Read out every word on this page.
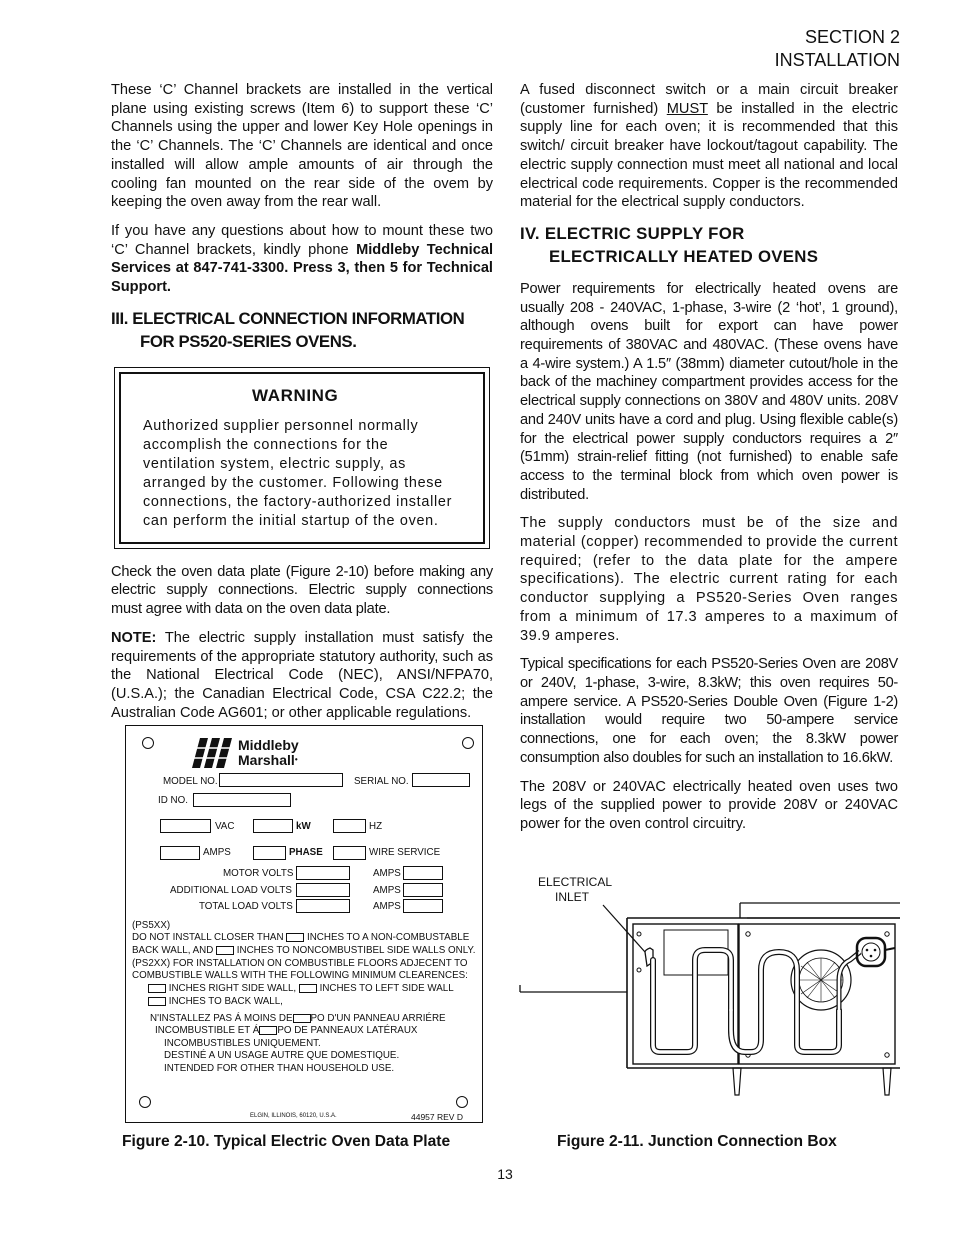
SECTION 2
INSTALLATION

These ‘C’ Channel brackets are installed in the vertical plane using existing screws (Item 6) to support these ‘C’ Channels using the upper and lower Key Hole openings in the ‘C’ Channels. The ‘C’ Channels are identical and once installed will allow ample amounts of air through the cooling fan mounted on the rear side of the ovem by keeping the oven away from the rear wall.

If you have any questions about how to mount these two ‘C’ Channel brackets, kindly phone Middleby Technical Services at 847-741-3300. Press 3, then 5 for Technical Support.

III. ELECTRICAL CONNECTION INFORMATION
FOR PS520-SERIES OVENS.
WARNING

Authorized supplier personnel normally accomplish the connections for the ventilation system, electric supply, as arranged by the customer. Following these connections, the factory-authorized installer can perform the initial startup of the oven.

Check the oven data plate (Figure 2-10) before making any electric supply connections. Electric supply connections must agree with data on the oven data plate.

NOTE: The electric supply installation must satisfy the requirements of the appropriate statutory authority, such as the National Electrical Code (NEC), ANSI/NFPA70, (U.S.A.); the Canadian Electrical Code, CSA C22.2; the Australian Code AG601; or other applicable regulations.

A fused disconnect switch or a main circuit breaker (customer furnished) MUST be installed in the electric supply line for each oven; it is recommended that this switch/ circuit breaker have lockout/tagout capability. The electric supply connection must meet all national and local electrical code requirements. Copper is the recommended material for the electrical supply conductors.

IV. ELECTRIC SUPPLY FOR
ELECTRICALLY HEATED OVENS

Power requirements for electrically heated ovens are usually 208 - 240VAC, 1-phase, 3-wire (2 ‘hot’, 1 ground), although ovens built for export can have power requirements of 380VAC and 480VAC. (These ovens have a 4-wire system.) A 1.5″ (38mm) diameter cutout/hole in the back of the machiney compartment provides access for the electrical supply connections on 380V and 480V units. 208V and 240V units have a cord and plug. Using flexible cable(s) for the electrical power supply conductors requires a 2″ (51mm) strain-relief fitting (not furnished) to enable safe access to the terminal block from which oven power is distributed.

The supply conductors must be of the size and material (copper) recommended to provide the current required; (refer to the data plate for the ampere specifications). The electric current rating for each conductor supplying a PS520-Series Oven ranges from a minimum of 17.3 amperes to a maximum of 39.9 amperes.

Typical specifications for each PS520-Series Oven are 208V or 240V, 1-phase, 3-wire, 8.3kW; this oven requires 50-ampere service. A PS520-Series Double Oven (Figure 1-2) installation would require two 50-ampere service connections, one for each oven; the 8.3kW power consumption also doubles for such an installation to 16.6kW.

The 208V or 240VAC electrically heated oven uses two legs of the supplied power to provide 208V or 240VAC power for the oven control circuitry.

Middleby
Marshall•
MODEL NO.	SERIAL NO.
ID NO.
VAC	kW	HZ
AMPS	PHASE	WIRE SERVICE
MOTOR VOLTS	AMPS
ADDITIONAL LOAD VOLTS	AMPS
TOTAL LOAD VOLTS	AMPS
(PS5XX)
DO NOT INSTALL CLOSER THAN INCHES TO A NON-COMBUSTABLE
BACK WALL, AND INCHES TO NONCOMBUSTIBEL SIDE WALLS ONLY.
(PS2XX) FOR INSTALLATION ON COMBUSTIBLE FLOORS ADJECENT TO
COMBUSTIBLE WALLS WITH THE FOLLOWING MINIMUM CLEARENCES:
INCHES RIGHT SIDE WALL, INCHES TO LEFT SIDE WALL
INCHES TO BACK WALL,
N'INSTALLEZ PAS Á MOINS DE PO D'UN PANNEAU ARRIÉRE
INCOMBUSTIBLE ET Á PO DE PANNEAUX LATÉRAUX
INCOMBUSTIBLES UNIQUEMENT.
DESTINÉ A UN USAGE AUTRE QUE DOMESTIQUE.
INTENDED FOR OTHER THAN HOUSEHOLD USE.
ELGIN, ILLINOIS, 60120, U.S.A.	44957 REV D
Figure 2-10. Typical Electric Oven Data Plate
ELECTRICAL
INLET
Figure 2-11. Junction Connection Box
13
